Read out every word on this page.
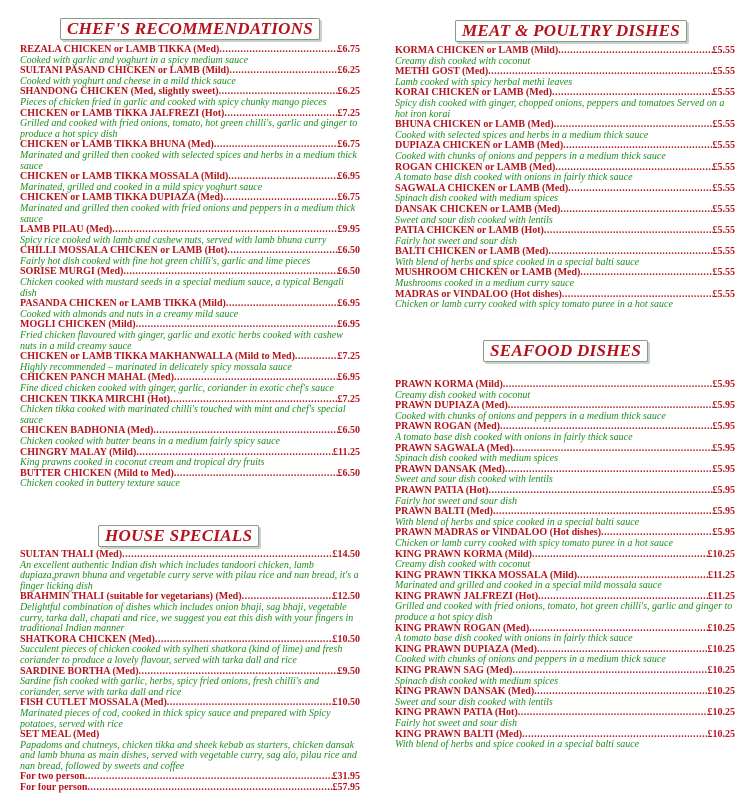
CHEF'S RECOMMENDATIONS
REZALA CHICKEN or LAMB TIKKA (Med) .....	£6.75
Cooked with garlic and yoghurt in a spicy medium sauce
SULTANI PASAND CHICKEN or LAMB (Mild) .....	£6.25
Cooked with yoghurt and cheese in a mild thick sauce
SHANDONG CHICKEN (Med, slightly sweet) .....	£6.25
Pieces of chicken fried in garlic and cooked with spicy chunky mango pieces
CHICKEN or LAMB TIKKA JALFREZI (Hot) .....	£7.25
Grilled and cooked with fried onions, tomato, hot green chilli's, garlic and ginger to produce a hot spicy dish
CHICKEN or LAMB TIKKA BHUNA (Med) .....	£6.75
Marinated and grilled then cooked with selected spices and herbs in a medium thick sauce
CHICKEN or LAMB TIKKA MOSSALA (Mild) .....	£6.95
Marinated, grilled and cooked in a mild spicy yoghurt sauce
CHICKEN or LAMB TIKKA DUPIAZA (Med) .....	£6.75
Marinated and grilled then cooked with fried onions and peppers in a medium thick sauce
LAMB PILAU (Med) .....	£9.95
Spicy rice cooked with lamb and cashew nuts, served with lamb bhuna curry
CHILLI MOSSALA CHICKEN or LAMB (Hot) .....	£6.50
Fairly hot dish cooked with fine hot green chilli's, garlic and lime pieces
SORISE MURGI (Med) .....	£6.50
Chicken cooked with mustard seeds in a special medium sauce, a typical Bengali dish
PASANDA CHICKEN or LAMB TIKKA (Mild) .....	£6.95
Cooked with almonds and nuts in a creamy mild sauce
MOGLI CHICKEN (Mild) .....	£6.95
Fried chicken flavoured with ginger, garlic and exotic herbs cooked with cashew nuts in a mild creamy sauce
CHICKEN or LAMB TIKKA MAKHANWALLA (Mild to Med) .....	£7.25
Highly recommended – marinated in delicately spicy mossala sauce
CHICKEN PANCH MAHAL (Med) .....	£6.95
Fine diced chicken cooked with ginger, garlic, coriander in exotic chef's sauce
CHICKEN TIKKA MIRCHI (Hot) .....	£7.25
Chicken tikka cooked with marinated chilli's touched with mint and chef's special sauce
CHICKEN BADHONIA (Med) .....	£6.50
Chicken cooked with butter beans in a medium fairly spicy sauce
CHINGRY MALAY (Mild) .....	£11.25
King prawns cooked in coconut cream and tropical dry fruits
BUTTER CHICKEN (Mild to Med) .....	£6.50
Chicken cooked in buttery texture sauce
HOUSE SPECIALS
SULTAN THALI (Med) .....	£14.50
An excellent authentic Indian dish which includes tandoori chicken, lamb dupiaza,prawn bhuna and vegetable curry serve with pilau rice and nan bread, it's a finger licking dish
BRAHMIN THALI (suitable for vegetarians) (Med) .....	£12.50
Delightful combination of dishes which includes onion bhaji, sag bhaji, vegetable curry, tarka dall, chapati and rice, we suggest you eat this dish with your fingers in traditional Indian manner
SHATKORA CHICKEN (Med) .....	£10.50
Succulent pieces of chicken cooked with sylheti shatkora (kind of lime) and fresh coriander to produce a lovely flavour, served with tarka dall and rice
SARDINE BORTHA (Med) .....	£9.50
Sardine fish cooked with garlic, herbs, spicy fried onions, fresh chilli's and coriander, serve with tarka dall and rice
FISH CUTLET MOSSALA (Med) .....	£10.50
Marinated pieces of cod, cooked in thick spicy sauce and prepared with Spicy potatoes, served with rice
SET MEAL (Med)
Papadoms and chutneys, chicken tikka and sheek kebab as starters, chicken dansak and lamb bhuna as main dishes, served with vegetable curry, sag alo, pilau rice and nan bread, followed by sweets and coffee
For two person .....	£31.95
For four person .....	£57.95
MEAT & POULTRY DISHES
KORMA CHICKEN or LAMB (Mild) .....	£5.55
Creamy dish cooked with coconut
METHI GOST (Med) .....	£5.55
Lamb cooked with spicy herbal methi leaves
KORAI CHICKEN or LAMB (Med) .....	£5.55
Spicy dish cooked with ginger, chopped onions, peppers and tomatoes Served on a hot iron korai
BHUNA CHICKEN or LAMB (Med) .....	£5.55
Cooked with selected spices and herbs in a medium thick sauce
DUPIAZA CHICKEN or LAMB (Med) .....	£5.55
Cooked with chunks of onions and peppers in a medium thick sauce
ROGAN CHICKEN or LAMB (Med) .....	£5.55
A tomato base dish cooked with onions in fairly thick sauce
SAGWALA CHICKEN or LAMB (Med) .....	£5.55
Spinach dish cooked with medium spices
DANSAK CHICKEN or LAMB (Med) .....	£5.55
Sweet and sour dish cooked with lentils
PATIA CHICKEN or LAMB (Hot) .....	£5.55
Fairly hot sweet and sour dish
BALTI CHICKEN or LAMB (Med) .....	£5.55
With blend of herbs and spice cooked in a special balti sauce
MUSHROOM CHICKEN or LAMB (Med) .....	£5.55
Mushrooms cooked in a medium curry sauce
MADRAS or VINDALOO (Hot dishes) .....	£5.55
Chicken or lamb curry cooked with spicy tomato puree in a hot sauce
SEAFOOD DISHES
PRAWN KORMA (Mild) .....	£5.95
Creamy dish cooked with coconut
PRAWN DUPIAZA (Med) .....	£5.95
Cooked with chunks of onions and peppers in a medium thick sauce
PRAWN ROGAN (Med) .....	£5.95
A tomato base dish cooked with onions in fairly thick sauce
PRAWN SAGWALA (Med) .....	£5.95
Spinach dish cooked with medium spices
PRAWN DANSAK (Med) .....	£5.95
Sweet and sour dish cooked with lentils
PRAWN PATIA (Hot) .....	£5.95
Fairly hot sweet and sour dish
PRAWN BALTI (Med) .....	£5.95
With blend of herbs and spice cooked in a special balti sauce
PRAWN MADRAS or VINDALOO (Hot dishes) .....	£5.95
Chicken or lamb curry cooked with spicy tomato puree in a hot sauce
KING PRAWN KORMA (Mild) .....	£10.25
Creamy dish cooked with coconut
KING PRAWN TIKKA MOSSALA (Mild) .....	£11.25
Marinated and grilled and cooked in a special mild mossala sauce
KING PRAWN JALFREZI (Hot) .....	£11.25
Grilled and cooked with fried onions, tomato, hot green chilli's, garlic and ginger to produce a hot spicy dish
KING PRAWN ROGAN (Med) .....	£10.25
A tomato base dish cooked with onions in fairly thick sauce
KING PRAWN DUPIAZA (Med) .....	£10.25
Cooked with chunks of onions and peppers in a medium thick sauce
KING PRAWN SAG (Med) .....	£10.25
Spinach dish cooked with medium spices
KING PRAWN DANSAK (Med) .....	£10.25
Sweet and sour dish cooked with lentils
KING PRAWN PATIA (Hot) .....	£10.25
Fairly hot sweet and sour dish
KING PRAWN BALTI (Med) .....	£10.25
With blend of herbs and spice cooked in a special balti sauce
